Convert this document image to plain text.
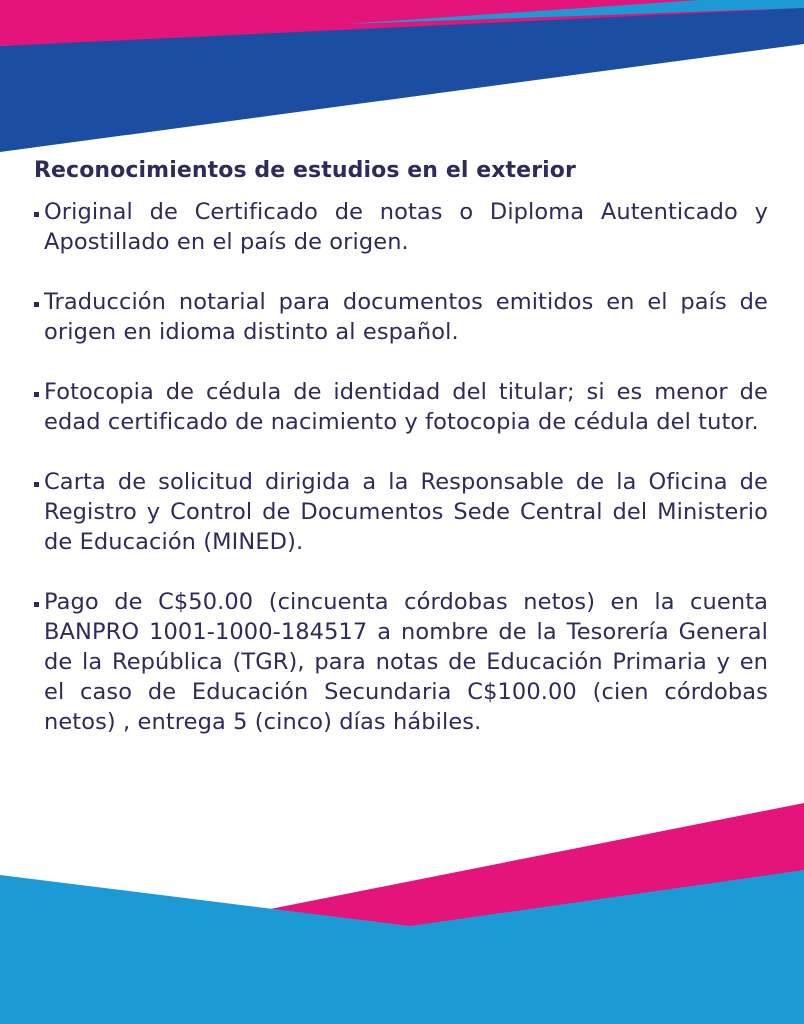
Reconocimientos de estudios en el exterior
Original de Certificado de notas o Diploma Autenticado y Apostillado en el país de origen.
Traducción notarial para documentos emitidos en el país de origen en idioma distinto al español.
Fotocopia de cédula de identidad del titular; si es menor de edad certificado de nacimiento y fotocopia de cédula del tutor.
Carta de solicitud dirigida a la Responsable de la Oficina de Registro y Control de Documentos Sede Central del Ministerio de Educación (MINED).
Pago de C$50.00 (cincuenta córdobas netos) en la cuenta BANPRO 1001-1000-184517 a nombre de la Tesorería General de la República (TGR), para notas de Educación Primaria y en el caso de Educación Secundaria C$100.00 (cien córdobas netos) , entrega 5 (cinco) días hábiles.
